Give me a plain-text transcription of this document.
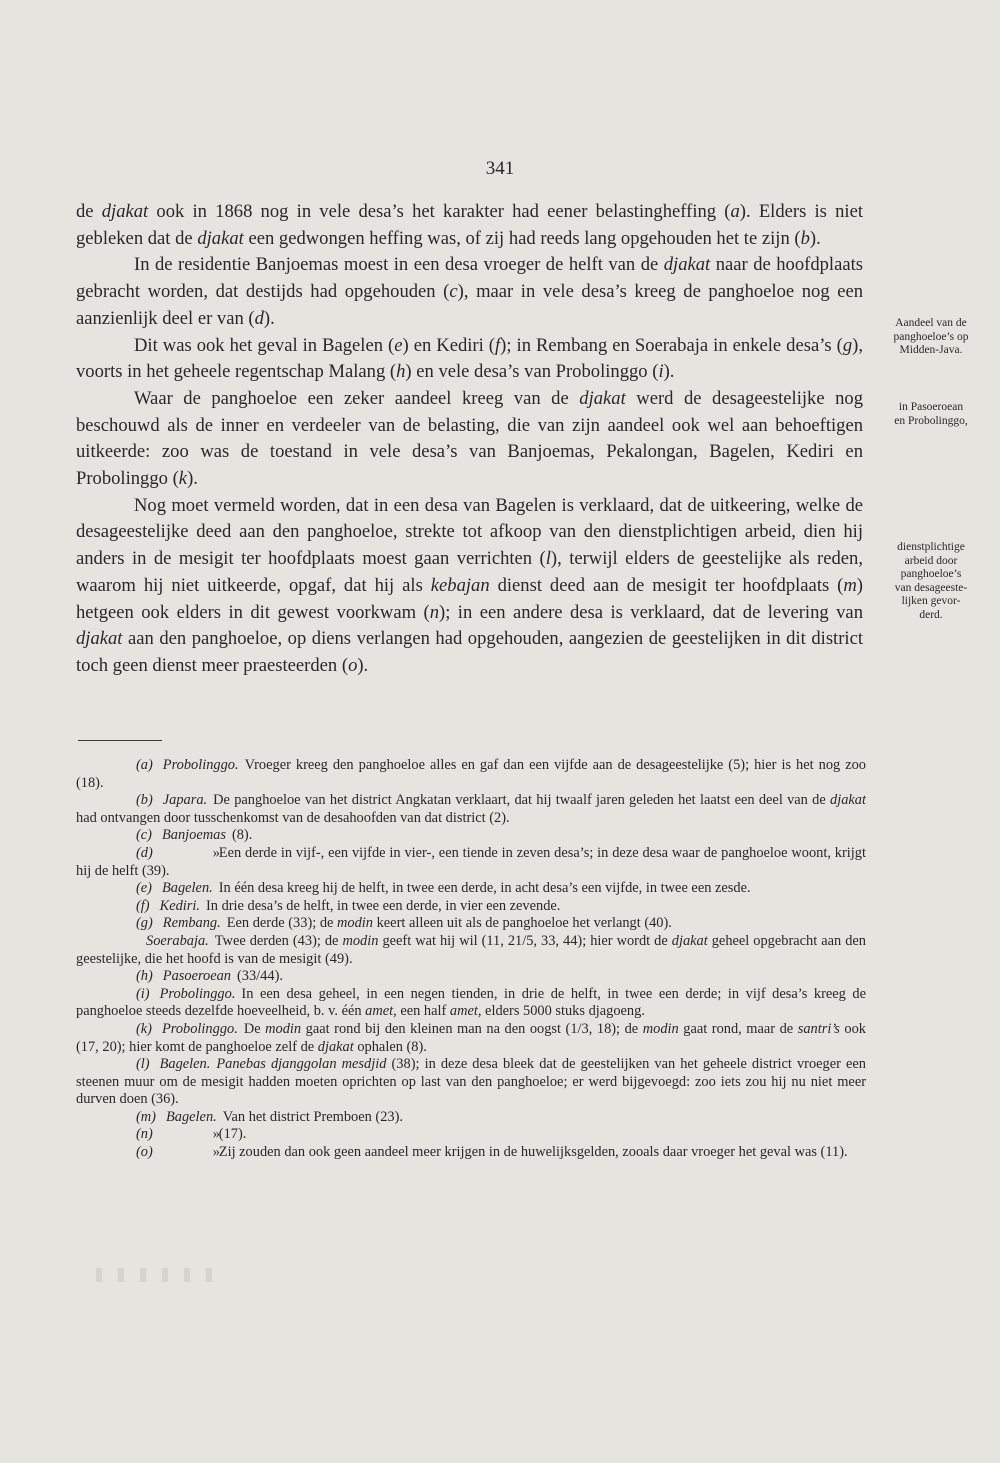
341

de djakat ook in 1868 nog in vele desa’s het karakter had eener belastingheffing (a). Elders is niet gebleken dat de djakat een gedwongen heffing was, of zij had reeds lang opgehouden het te zijn (b).

In de residentie Banjoemas moest in een desa vroeger de helft van de djakat naar de hoofdplaats gebracht worden, dat destijds had opgehouden (c), maar in vele desa’s kreeg de panghoeloe nog een aanzienlijk deel er van (d).

Dit was ook het geval in Bagelen (e) en Kediri (f); in Rembang en Soerabaja in enkele desa’s (g), voorts in het geheele regentschap Malang (h) en vele desa’s van Probolinggo (i).

Waar de panghoeloe een zeker aandeel kreeg van de djakat werd de desageestelijke nog beschouwd als de inner en verdeeler van de belasting, die van zijn aandeel ook wel aan behoeftigen uitkeerde: zoo was de toestand in vele desa’s van Banjoemas, Pekalongan, Bagelen, Kediri en Probolinggo (k).

Nog moet vermeld worden, dat in een desa van Bagelen is verklaard, dat de uitkeering, welke de desageestelijke deed aan den panghoeloe, strekte tot afkoop van den dienstplichtigen arbeid, dien hij anders in de mesigit ter hoofdplaats moest gaan verrichten (l), terwijl elders de geestelijke als reden, waarom hij niet uitkeerde, opgaf, dat hij als kebajan dienst deed aan de mesigit ter hoofdplaats (m) hetgeen ook elders in dit gewest voorkwam (n); in een andere desa is verklaard, dat de levering van djakat aan den panghoeloe, op diens verlangen had opgehouden, aangezien de geestelijken in dit district toch geen dienst meer praesteerden (o).

Aandeel van de
panghoeloe’s op
Midden-Java.
in Pasoeroean
en Probolinggo,
dienstplichtige
arbeid door
panghoeloe’s
van desageeste-
lijken gevor-
derd.

(a) Probolinggo. Vroeger kreeg den panghoeloe alles en gaf dan een vijfde aan de desageestelijke (5); hier is het nog zoo (18).

(b) Japara. De panghoeloe van het district Angkatan verklaart, dat hij twaalf jaren geleden het laatst een deel van de djakat had ontvangen door tusschenkomst van de desahoofden van dat district (2).

(c) Banjoemas (8).

(d)	»Een derde in vijf-, een vijfde in vier-, een tiende in zeven desa’s; in deze desa waar de panghoeloe woont, krijgt hij de helft (39).

(e) Bagelen. In één desa kreeg hij de helft, in twee een derde, in acht desa’s een vijfde, in twee een zesde.

(f) Kediri. In drie desa’s de helft, in twee een derde, in vier een zevende.

(g) Rembang. Een derde (33); de modin keert alleen uit als de panghoeloe het verlangt (40).

Soerabaja. Twee derden (43); de modin geeft wat hij wil (11, 21/5, 33, 44); hier wordt de djakat geheel opgebracht aan den geestelijke, die het hoofd is van de mesigit (49).

(h) Pasoeroean (33/44).

(i) Probolinggo. In een desa geheel, in een negen tienden, in drie de helft, in twee een derde; in vijf desa’s kreeg de panghoeloe steeds dezelfde hoeveelheid, b. v. één amet, een half amet, elders 5000 stuks djagoeng.

(k) Probolinggo. De modin gaat rond bij den kleinen man na den oogst (1/3, 18); de modin gaat rond, maar de santri’s ook (17, 20); hier komt de panghoeloe zelf de djakat ophalen (8).

(l) Bagelen. Panebas djanggolan mesdjid (38); in deze desa bleek dat de geestelijken van het geheele district vroeger een steenen muur om de mesigit hadden moeten oprichten op last van den panghoeloe; er werd bijgevoegd: zoo iets zou hij nu niet meer durven doen (36).

(m) Bagelen. Van het district Premboen (23).

(n)	»(17).

(o)	»Zij zouden dan ook geen aandeel meer krijgen in de huwelijksgelden, zooals daar vroeger het geval was (11).
